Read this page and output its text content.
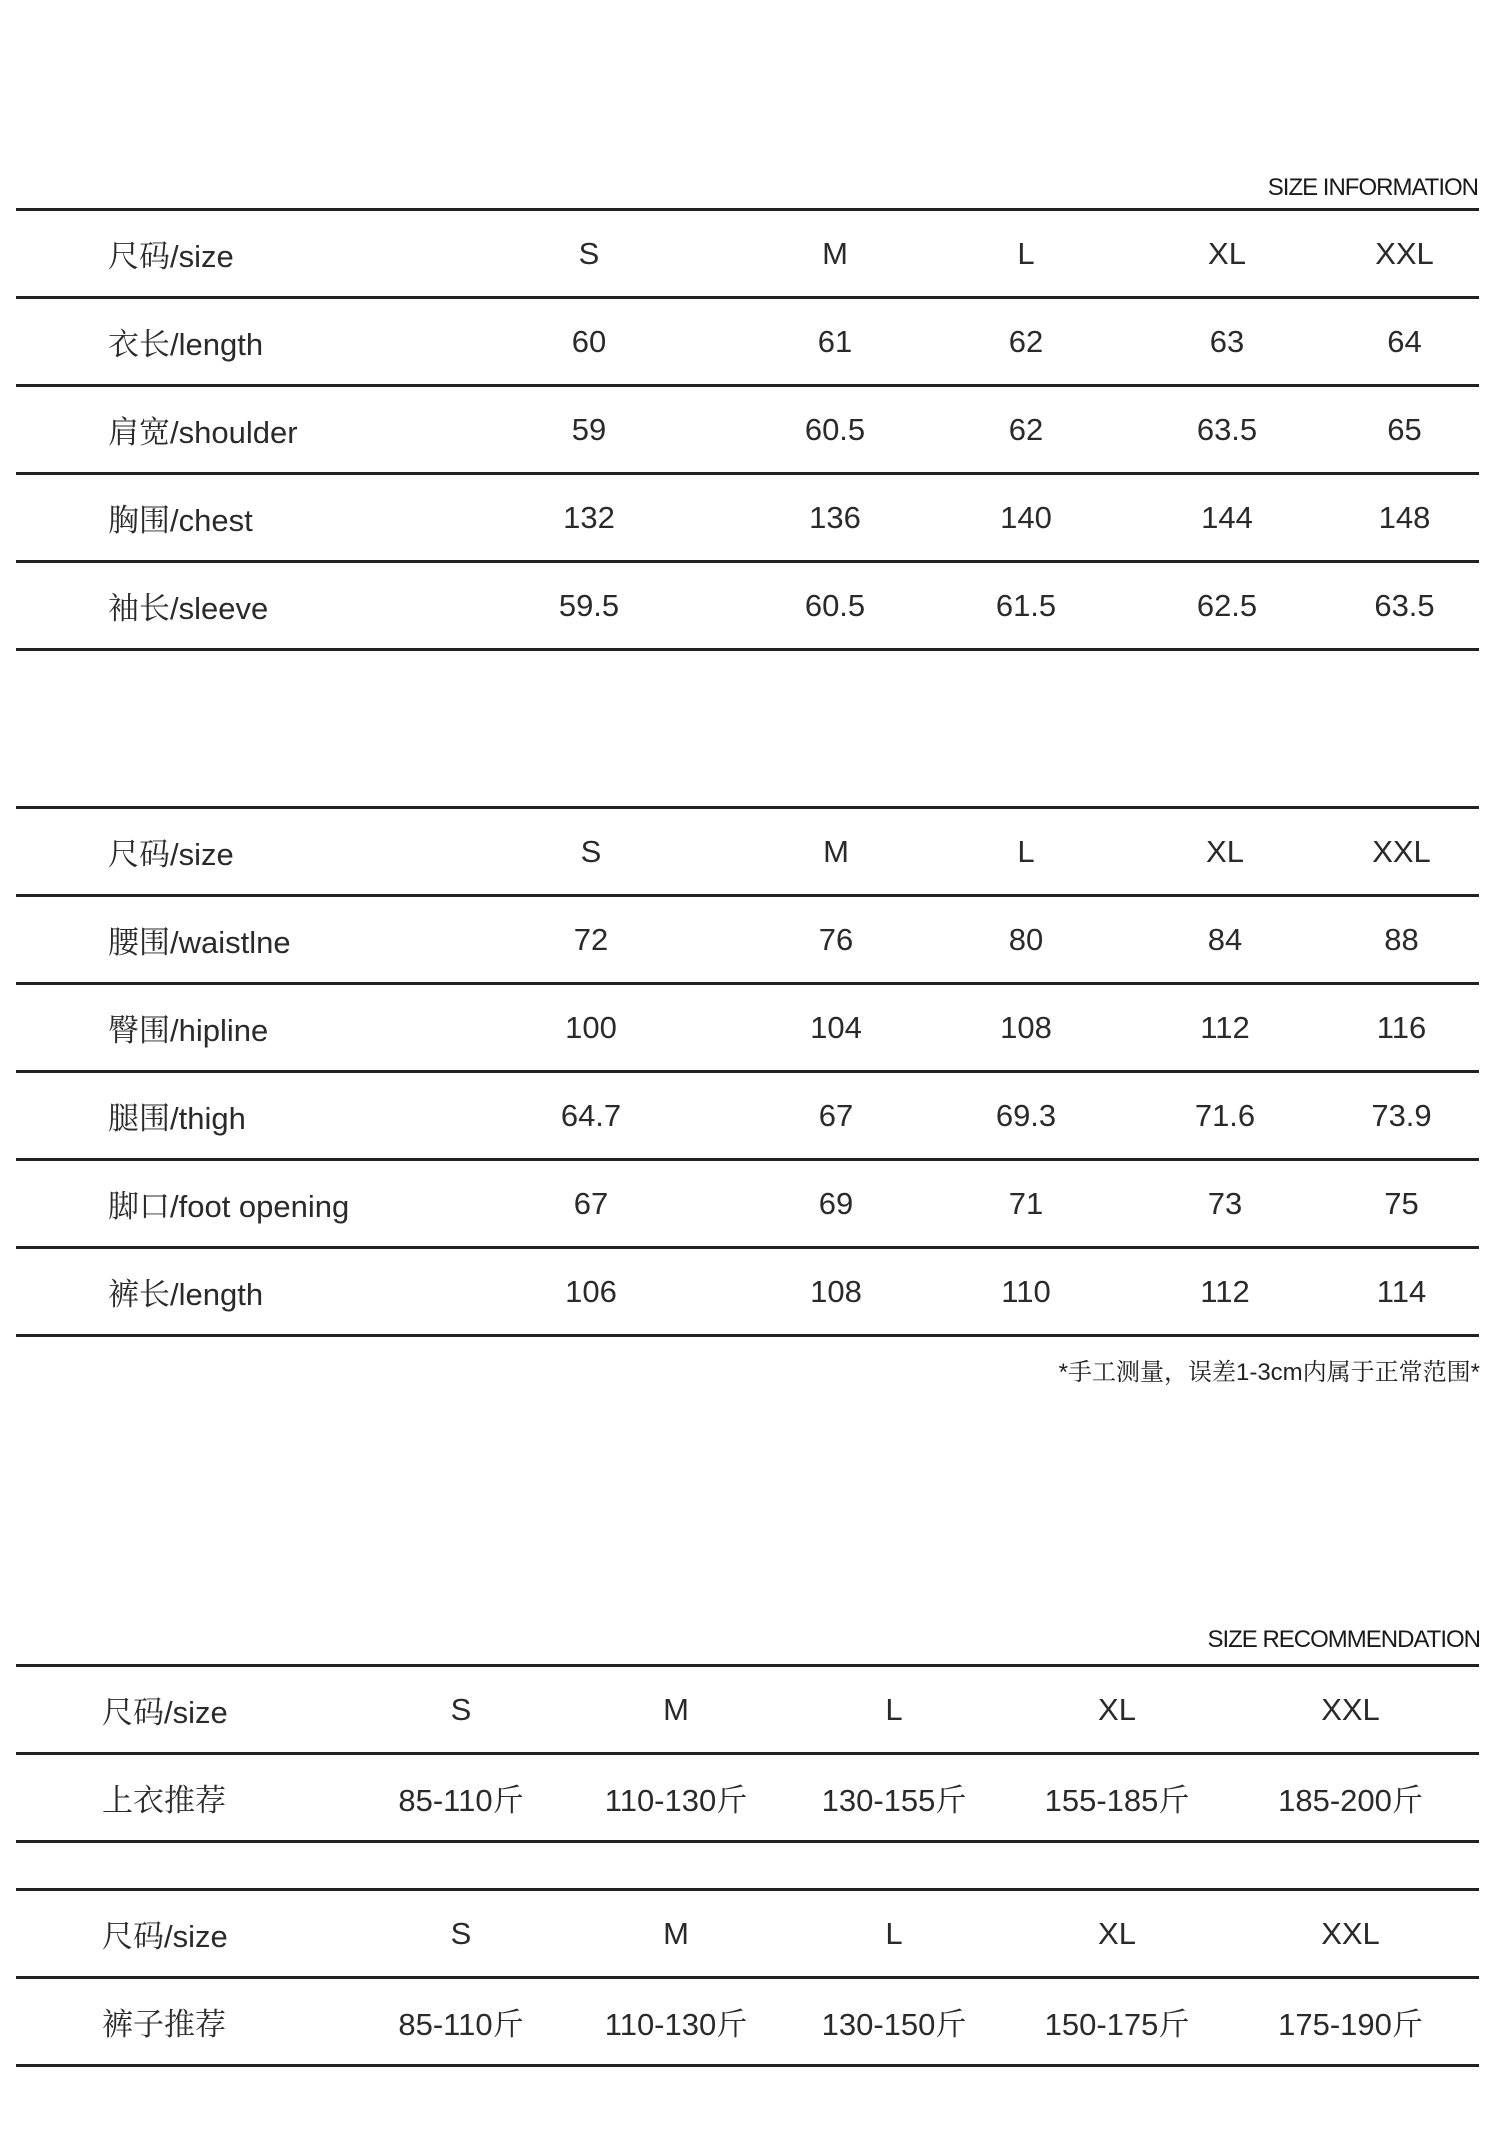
SIZE INFORMATION
尺码/size	S	M	L	XL	XXL
衣长/length	60	61	62	63	64
肩宽/shoulder	59	60.5	62	63.5	65
胸围/chest	132	136	140	144	148
袖长/sleeve	59.5	60.5	61.5	62.5	63.5
尺码/size	S	M	L	XL	XXL
腰围/waistlne	72	76	80	84	88
臀围/hipline	100	104	108	112	116
腿围/thigh	64.7	67	69.3	71.6	73.9
脚口/foot opening	67	69	71	73	75
裤长/length	106	108	110	112	114
*手工测量，误差1-3cm内属于正常范围*
SIZE RECOMMENDATION
尺码/size	S	M	L	XL	XXL
上衣推荐	85-110斤	110-130斤	130-155斤	155-185斤	185-200斤
尺码/size	S	M	L	XL	XXL
裤子推荐	85-110斤	110-130斤	130-150斤	150-175斤	175-190斤
